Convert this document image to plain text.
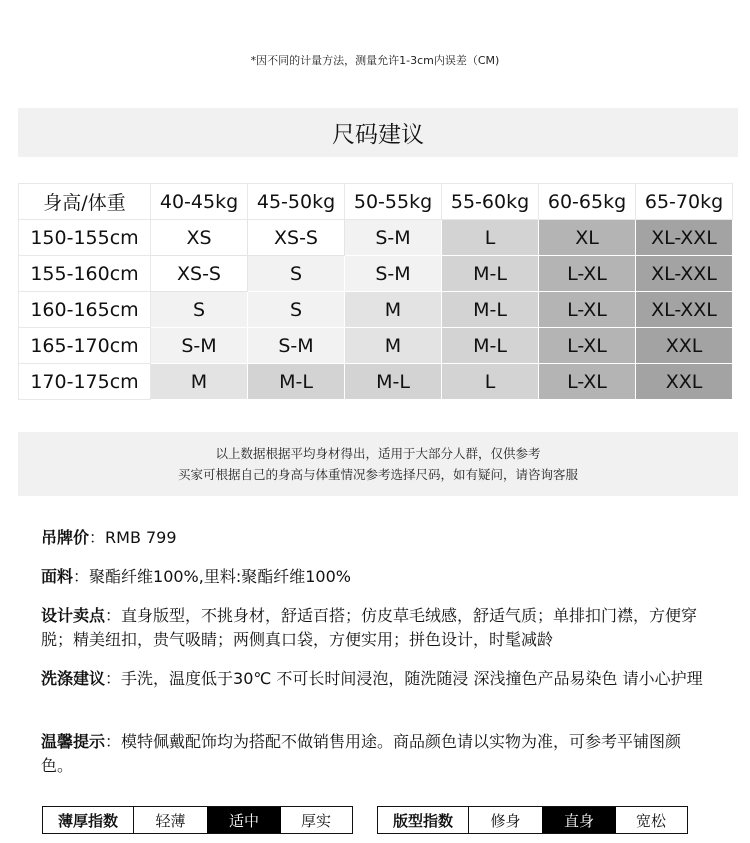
*因不同的计量方法，测量允许1-3cm内误差（CM)
尺码建议
身高/体重	40-45kg	45-50kg	50-55kg	55-60kg	60-65kg	65-70kg
150-155cm	XS	XS-S	S-M	L	XL	XL-XXL
155-160cm	XS-S	S	S-M	M-L	L-XL	XL-XXL
160-165cm	S	S	M	M-L	L-XL	XL-XXL
165-170cm	S-M	S-M	M	M-L	L-XL	XXL
170-175cm	M	M-L	M-L	L	L-XL	XXL
以上数据根据平均身材得出，适用于大部分人群，仅供参考
买家可根据自己的身高与体重情况参考选择尺码，如有疑问，请咨询客服
吊牌价：RMB 799
面料：聚酯纤维100%,里料:聚酯纤维100%
设计卖点：直身版型，不挑身材，舒适百搭；仿皮草毛绒感，舒适气质；单排扣门襟，方便穿脱；精美纽扣，贵气吸睛；两侧真口袋，方便实用；拼色设计，时髦减龄
洗涤建议：手洗，温度低于30℃ 不可长时间浸泡，随洗随浸 深浅撞色产品易染色 请小心护理
温馨提示：模特佩戴配饰均为搭配不做销售用途。商品颜色请以实物为准，可参考平铺图颜色。
薄厚指数	轻薄	适中	厚实	版型指数	修身	直身	宽松
